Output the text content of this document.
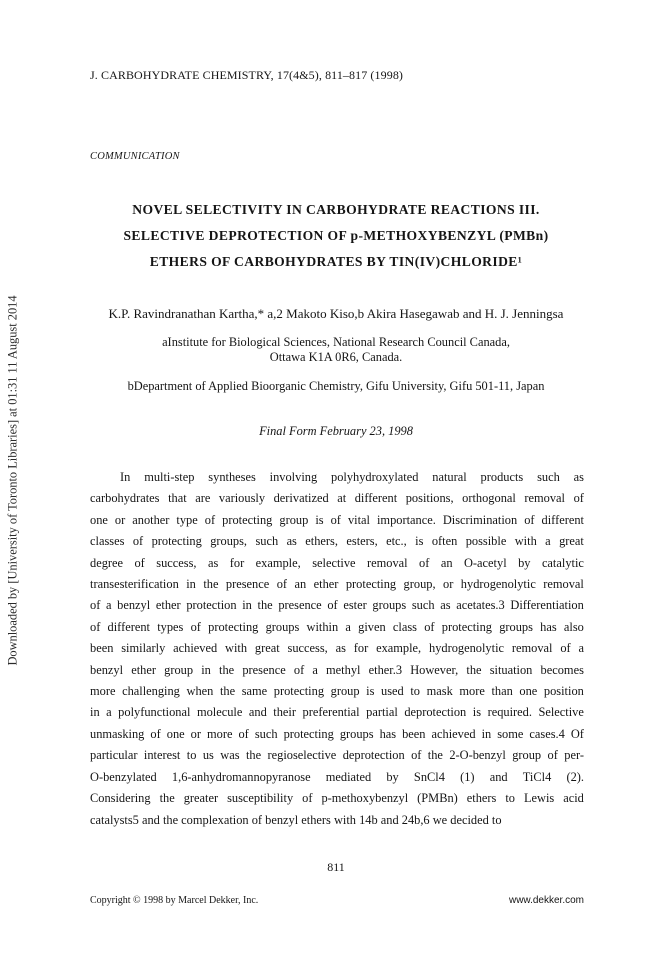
Downloaded by [University of Toronto Libraries] at 01:31 11 August 2014
J. CARBOHYDRATE CHEMISTRY, 17(4&5), 811–817 (1998)
COMMUNICATION
NOVEL SELECTIVITY IN CARBOHYDRATE REACTIONS III.
SELECTIVE DEPROTECTION OF p-METHOXYBENZYL (PMBn)
ETHERS OF CARBOHYDRATES BY TIN(IV)CHLORIDE¹
K.P. Ravindranathan Kartha,* a,2 Makoto Kiso,b Akira Hasegawab and H. J. Jenningsa
aInstitute for Biological Sciences, National Research Council Canada,
Ottawa K1A 0R6, Canada.
bDepartment of Applied Bioorganic Chemistry, Gifu University, Gifu 501-11, Japan
Final Form February 23, 1998
In multi-step syntheses involving polyhydroxylated natural products such as
carbohydrates that are variously derivatized at different positions, orthogonal removal of
one or another type of protecting group is of vital importance. Discrimination of different
classes of protecting groups, such as ethers, esters, etc., is often possible with a great
degree of success, as for example, selective removal of an O-acetyl by catalytic
transesterification in the presence of an ether protecting group, or hydrogenolytic removal
of a benzyl ether protection in the presence of ester groups such as acetates.3 Differentiation
of different types of protecting groups within a given class of protecting groups has also
been similarly achieved with great success, as for example, hydrogenolytic removal of a
benzyl ether group in the presence of a methyl ether.3 However, the situation becomes
more challenging when the same protecting group is used to mask more than one position
in a polyfunctional molecule and their preferential partial deprotection is required. Selective
unmasking of one or more of such protecting groups has been achieved in some cases.4 Of
particular interest to us was the regioselective deprotection of the 2-O-benzyl group of per-
O-benzylated 1,6-anhydromannopyranose mediated by SnCl4 (1) and TiCl4 (2).
Considering the greater susceptibility of p-methoxybenzyl (PMBn) ethers to Lewis acid
catalysts5 and the complexation of benzyl ethers with 14b and 24b,6 we decided to
811
Copyright © 1998 by Marcel Dekker, Inc.	www.dekker.com
